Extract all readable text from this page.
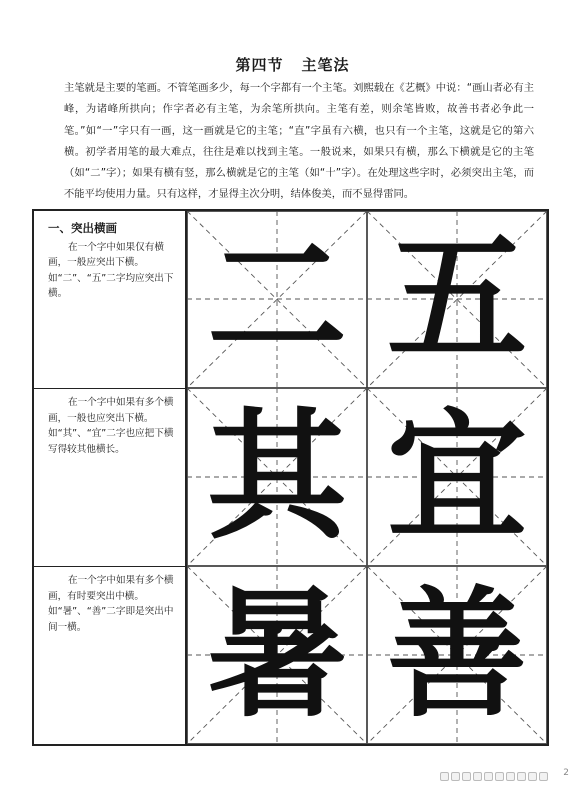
第四节 主笔法
主笔就是主要的笔画。不管笔画多少，每一个字都有一个主笔。刘熙载在《艺概》中说：“画山者必有主峰，为诸峰所拱向；作字者必有主笔，为余笔所拱向。主笔有差，则余笔皆败，故善书者必争此一笔。”如“一”字只有一画，这一画就是它的主笔；“直”字虽有六横，也只有一个主笔，这就是它的第六横。初学者用笔的最大难点，往往是难以找到主笔。一般说来，如果只有横，那么下横就是它的主笔（如“二”字）；如果有横有竖，那么横就是它的主笔（如“十”字）。在处理这些字时，必须突出主笔，而不能平均使用力量。只有这样，才显得主次分明，结体俊美，而不显得雷同。
一、突出横画

在一个字中如果仅有横画，一般应突出下横。如“二”、“五”二字均应突出下横。

在一个字中如果有多个横画，一般也应突出下横。如“其”、“宜”二字也应把下横写得较其他横长。

在一个字中如果有多个横画，有时要突出中横。如“暑”、“善”二字即是突出中间一横。

二 五
其 宜
暑 善
2
